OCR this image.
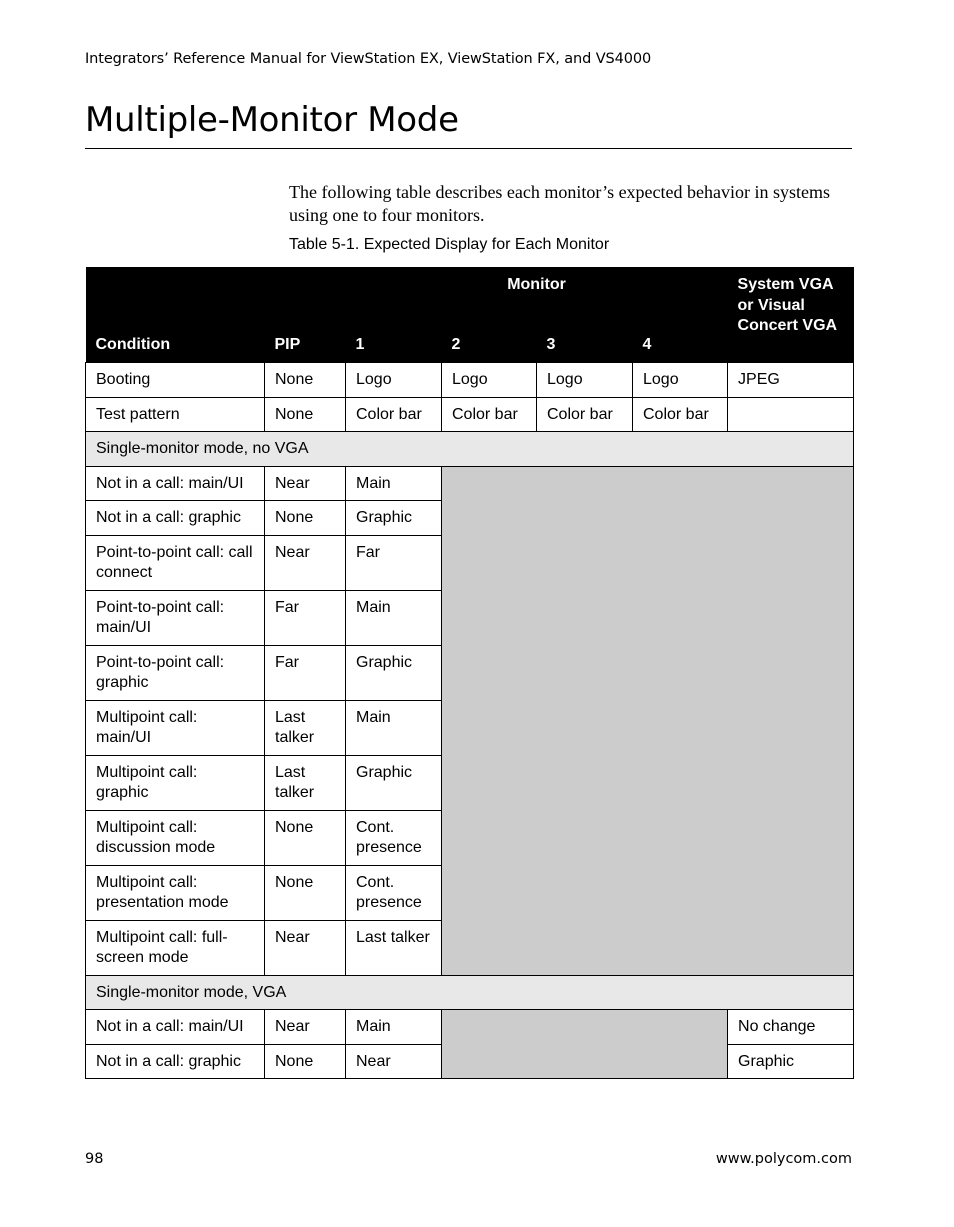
Integrators’ Reference Manual for ViewStation EX, ViewStation FX, and VS4000
Multiple-Monitor Mode

The following table describes each monitor’s expected behavior in systems using one to four monitors.

Table 5-1. Expected Display for Each Monitor
Condition	PIP	Monitor				System VGA or Visual Concert VGA
		1	2	3	4	
Booting	None	Logo	Logo	Logo	Logo	JPEG
Test pattern	None	Color bar	Color bar	Color bar	Color bar	
Single-monitor mode, no VGA						
Not in a call: main/UI	Near	Main				
Not in a call: graphic	None	Graphic				
Point-to-point call: call connect	Near	Far				
Point-to-point call: main/UI	Far	Main				
Point-to-point call: graphic	Far	Graphic				
Multipoint call: main/UI	Last talker	Main				
Multipoint call: graphic	Last talker	Graphic				
Multipoint call: discussion mode	None	Cont. presence				
Multipoint call: presentation mode	None	Cont. presence				
Multipoint call: full-screen mode	Near	Last talker				
Single-monitor mode, VGA						
Not in a call: main/UI	Near	Main				No change
Not in a call: graphic	None	Near				Graphic
98	www.polycom.com
